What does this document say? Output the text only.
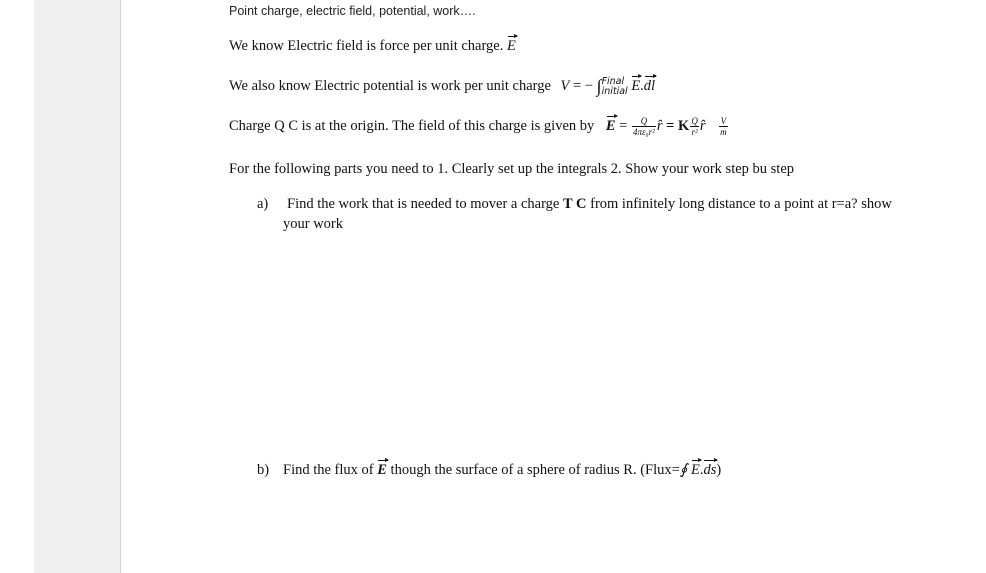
Point charge, electric field, potential, work….
We know Electric field is force per unit charge. E
We also know Electric potential is work per unit charge V = − ∫ Final
initial E.dl
Charge Q C is at the origin. The field of this charge is given by $E = \frac{Q}{\text{4πε₀r²}}$ r̂ = K $\frac{Q}{\text{r²}}$ r̂ $\frac{V}{m}$
For the following parts you need to 1. Clearly set up the integrals 2. Show your work step bu step
a) Find the work that is needed to mover a charge T C from infinitely long distance to a point at r=a? show
your work
b) Find the flux of E though the surface of a sphere of radius R. (Flux=∮ E.ds)
